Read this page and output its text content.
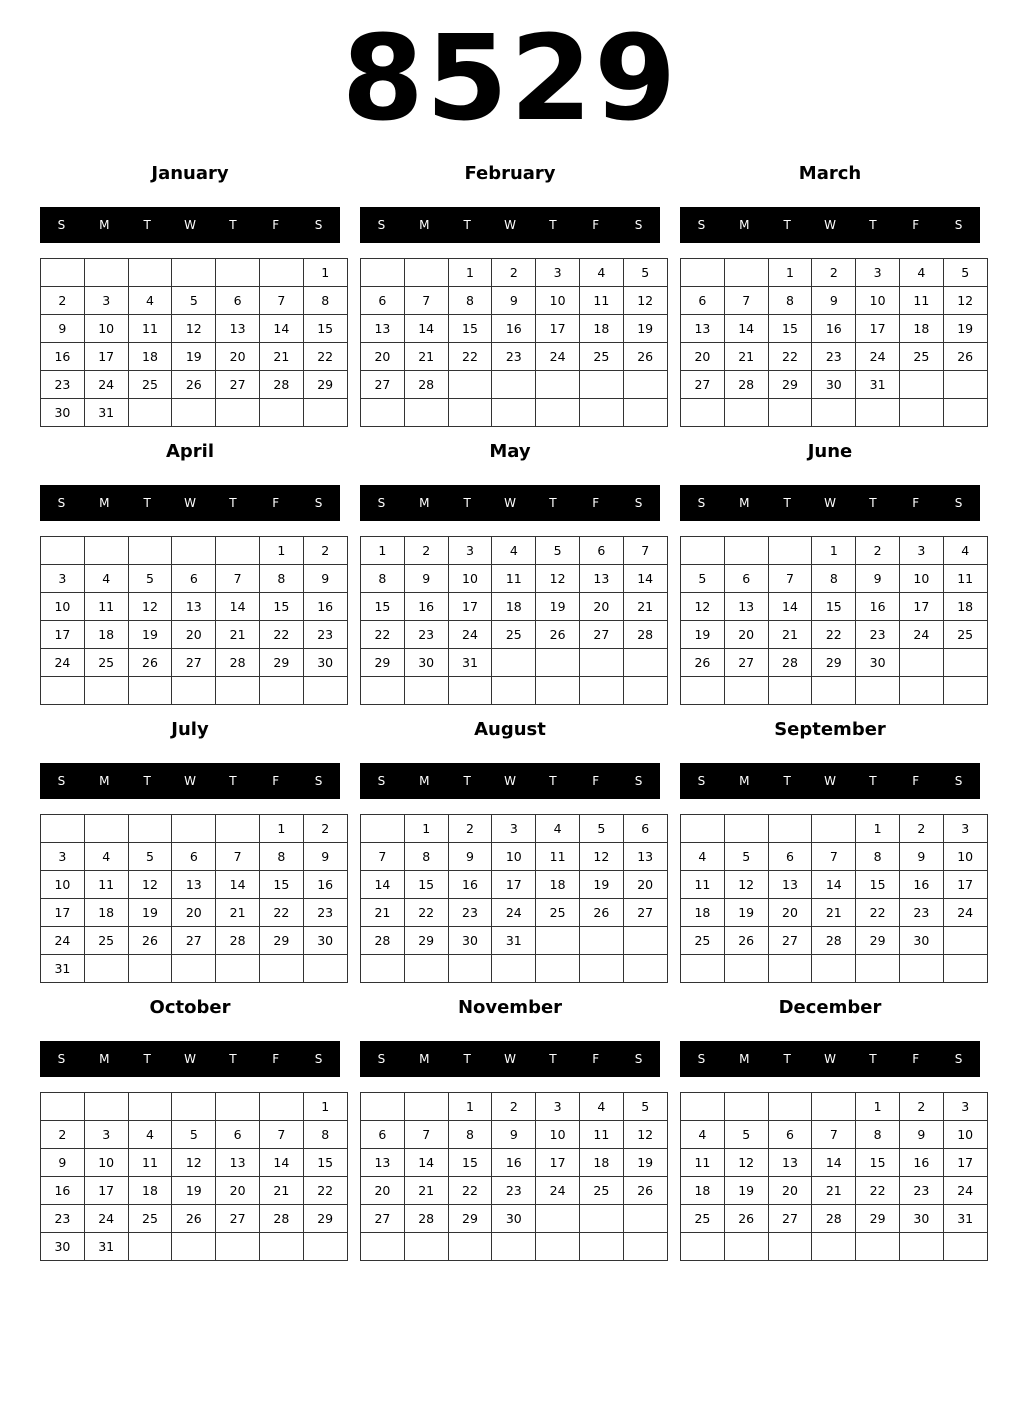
8529
January
S	M	T	W	T	F	S
						1
2	3	4	5	6	7	8
9	10	11	12	13	14	15
16	17	18	19	20	21	22
23	24	25	26	27	28	29
30	31					
February
S	M	T	W	T	F	S
		1	2	3	4	5
6	7	8	9	10	11	12
13	14	15	16	17	18	19
20	21	22	23	24	25	26
27	28					

March
S	M	T	W	T	F	S
		1	2	3	4	5
6	7	8	9	10	11	12
13	14	15	16	17	18	19
20	21	22	23	24	25	26
27	28	29	30	31		

April
S	M	T	W	T	F	S
					1	2
3	4	5	6	7	8	9
10	11	12	13	14	15	16
17	18	19	20	21	22	23
24	25	26	27	28	29	30

May
S	M	T	W	T	F	S
1	2	3	4	5	6	7
8	9	10	11	12	13	14
15	16	17	18	19	20	21
22	23	24	25	26	27	28
29	30	31				

June
S	M	T	W	T	F	S
			1	2	3	4
5	6	7	8	9	10	11
12	13	14	15	16	17	18
19	20	21	22	23	24	25
26	27	28	29	30		

July
S	M	T	W	T	F	S
					1	2
3	4	5	6	7	8	9
10	11	12	13	14	15	16
17	18	19	20	21	22	23
24	25	26	27	28	29	30
31						
August
S	M	T	W	T	F	S
	1	2	3	4	5	6
7	8	9	10	11	12	13
14	15	16	17	18	19	20
21	22	23	24	25	26	27
28	29	30	31			

September
S	M	T	W	T	F	S
				1	2	3
4	5	6	7	8	9	10
11	12	13	14	15	16	17
18	19	20	21	22	23	24
25	26	27	28	29	30	

October
S	M	T	W	T	F	S
						1
2	3	4	5	6	7	8
9	10	11	12	13	14	15
16	17	18	19	20	21	22
23	24	25	26	27	28	29
30	31					
November
S	M	T	W	T	F	S
		1	2	3	4	5
6	7	8	9	10	11	12
13	14	15	16	17	18	19
20	21	22	23	24	25	26
27	28	29	30			

December
S	M	T	W	T	F	S
				1	2	3
4	5	6	7	8	9	10
11	12	13	14	15	16	17
18	19	20	21	22	23	24
25	26	27	28	29	30	31
